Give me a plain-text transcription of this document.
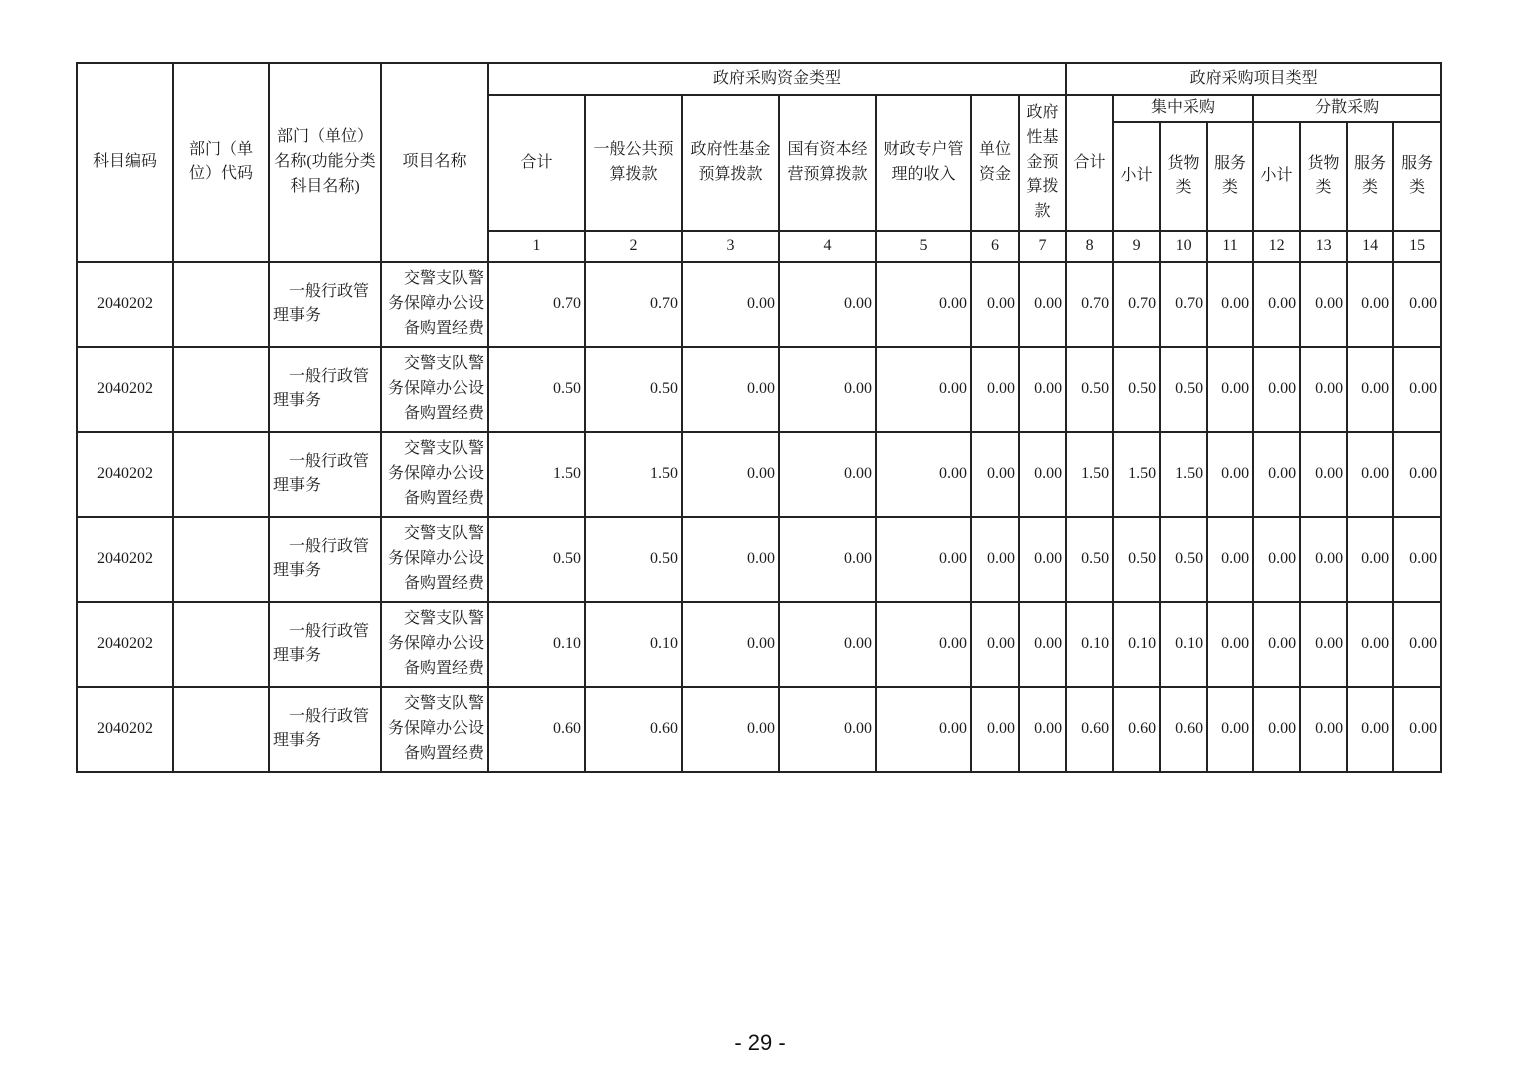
科目编码	部门（单位）代码	部门（单位）名称(功能分类科目名称)	项目名称	政府采购资金类型							政府采购项目类型							
				合计	一般公共预算拨款	政府性基金预算拨款	国有资本经营预算拨款	财政专户管理的收入	单位资金	政府性基金预算拨款	合计	集中采购			分散采购			
												小计	货物类	服务类	小计	货物类	服务类	服务类
				1	2	3	4	5	6	7	8	9	10	11	12	13	14	15
2040202		一般行政管理事务	交警支队警务保障办公设备购置经费	0.70	0.70	0.00	0.00	0.00	0.00	0.00	0.70	0.70	0.70	0.00	0.00	0.00	0.00	0.00
2040202		一般行政管理事务	交警支队警务保障办公设备购置经费	0.50	0.50	0.00	0.00	0.00	0.00	0.00	0.50	0.50	0.50	0.00	0.00	0.00	0.00	0.00
2040202		一般行政管理事务	交警支队警务保障办公设备购置经费	1.50	1.50	0.00	0.00	0.00	0.00	0.00	1.50	1.50	1.50	0.00	0.00	0.00	0.00	0.00
2040202		一般行政管理事务	交警支队警务保障办公设备购置经费	0.50	0.50	0.00	0.00	0.00	0.00	0.00	0.50	0.50	0.50	0.00	0.00	0.00	0.00	0.00
2040202		一般行政管理事务	交警支队警务保障办公设备购置经费	0.10	0.10	0.00	0.00	0.00	0.00	0.00	0.10	0.10	0.10	0.00	0.00	0.00	0.00	0.00
2040202		一般行政管理事务	交警支队警务保障办公设备购置经费	0.60	0.60	0.00	0.00	0.00	0.00	0.00	0.60	0.60	0.60	0.00	0.00	0.00	0.00	0.00
- 29 -
